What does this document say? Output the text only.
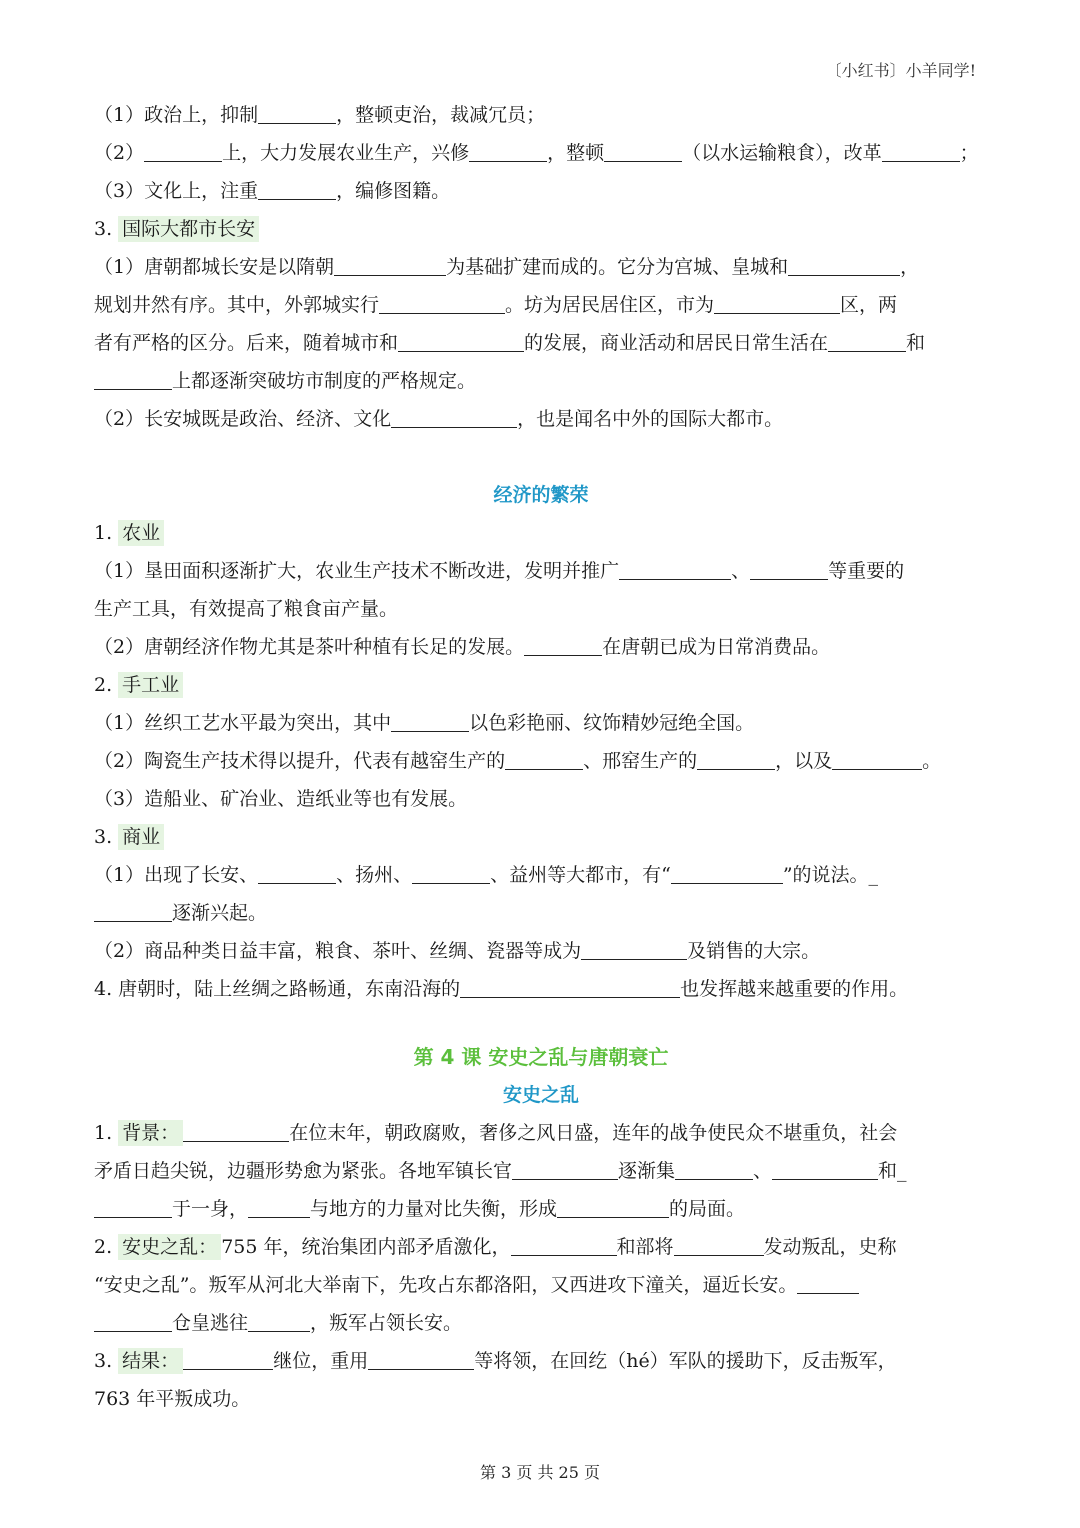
〔小红书〕小羊同学!
（1）政治上，抑制	，整顿吏治，裁减冗员；
（2）	上，大力发展农业生产，兴修	，整顿	（以水运输粮食），改革	；
（3）文化上，注重	，编修图籍。
3. 国际大都市长安
（1）唐朝都城长安是以隋朝	为基础扩建而成的。它分为宫城、皇城和	，
规划井然有序。其中，外郭城实行	。坊为居民居住区，市为	区，两
者有严格的区分。后来，随着城市和	的发展，商业活动和居民日常生活在	和
上都逐渐突破坊市制度的严格规定。
（2）长安城既是政治、经济、文化	，也是闻名中外的国际大都市。
经济的繁荣
1. 农业
（1）垦田面积逐渐扩大，农业生产技术不断改进，发明并推广	、	等重要的
生产工具，有效提高了粮食亩产量。
（2）唐朝经济作物尤其是茶叶种植有长足的发展。	在唐朝已成为日常消费品。
2. 手工业
（1）丝织工艺水平最为突出，其中	以色彩艳丽、纹饰精妙冠绝全国。
（2）陶瓷生产技术得以提升，代表有越窑生产的	、邢窑生产的	，以及	。
（3）造船业、矿冶业、造纸业等也有发展。
3. 商业
（1）出现了长安、	、扬州、	、益州等大都市，有“	”的说法。_
逐渐兴起。
（2）商品种类日益丰富，粮食、茶叶、丝绸、瓷器等成为	及销售的大宗。
4. 唐朝时，陆上丝绸之路畅通，东南沿海的	也发挥越来越重要的作用。
第 4 课 安史之乱与唐朝衰亡
安史之乱
1. 背景：	在位末年，朝政腐败，奢侈之风日盛，连年的战争使民众不堪重负，社会
矛盾日趋尖锐，边疆形势愈为紧张。各地军镇长官	逐渐集	、	和_
于一身，	与地方的力量对比失衡，形成	的局面。
2. 安史之乱： 755 年，统治集团内部矛盾激化，	和部将	发动叛乱，史称
“安史之乱”。叛军从河北大举南下，先攻占东都洛阳，又西进攻下潼关，逼近长安。
仓皇逃往	，叛军占领长安。
3. 结果：	继位，重用	等将领，在回纥（hé）军队的援助下，反击叛军，
763 年平叛成功。
第 3 页 共 25 页
